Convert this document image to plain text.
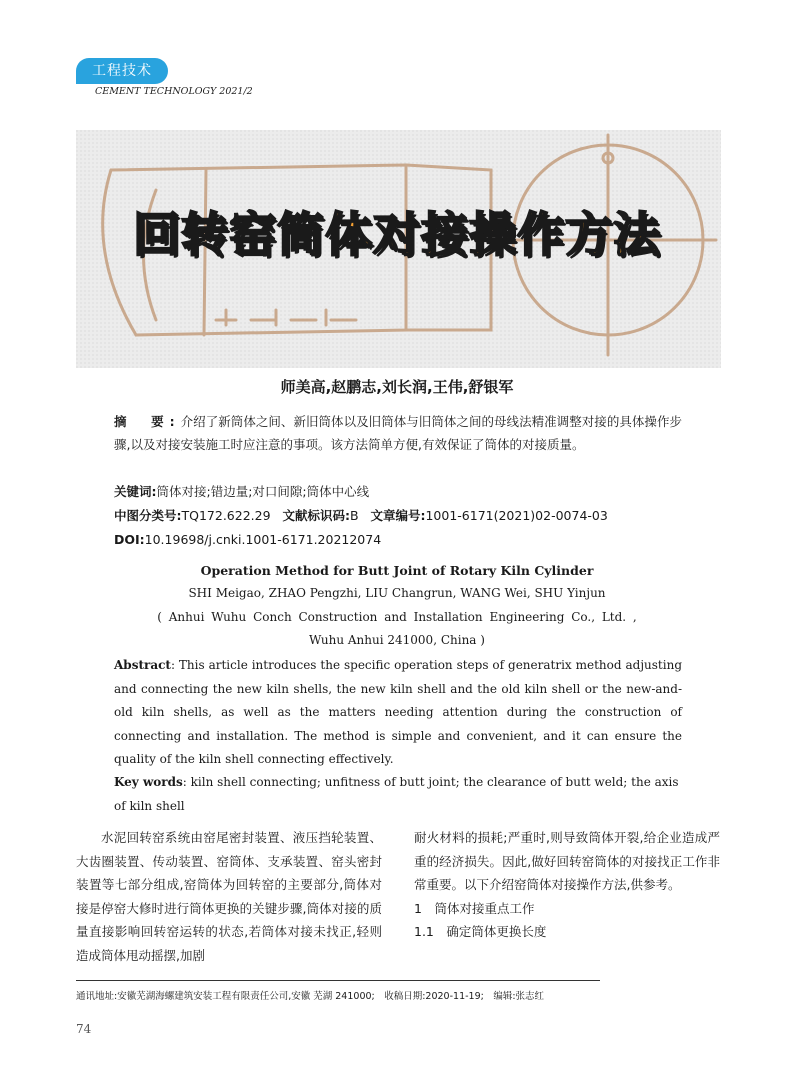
工程技术
CEMENT TECHNOLOGY 2021/2
回转窑筒体对接操作方法
师美高,赵鹏志,刘长润,王伟,舒银军
摘　要:介绍了新筒体之间、新旧筒体以及旧筒体与旧筒体之间的母线法精准调整对接的具体操作步骤,以及对接安装施工时应注意的事项。该方法简单方便,有效保证了筒体的对接质量。
关键词:筒体对接;错边量;对口间隙;筒体中心线
中图分类号:TQ172.622.29 文献标识码:B 文章编号:1001-6171(2021)02-0074-03
DOI:10.19698/j.cnki.1001-6171.20212074
Operation Method for Butt Joint of Rotary Kiln Cylinder
SHI Meigao, ZHAO Pengzhi, LIU Changrun, WANG Wei, SHU Yinjun
( Anhui Wuhu Conch Construction and Installation Engineering Co., Ltd. ,
Wuhu Anhui 241000, China )
Abstract: This article introduces the specific operation steps of generatrix method adjusting and connecting the new kiln shells, the new kiln shell and the old kiln shell or the new-and-old kiln shells, as well as the matters needing attention during the construction of connecting and installation. The method is simple and convenient, and it can ensure the quality of the kiln shell connecting effectively.
Key words: kiln shell connecting; unfitness of butt joint; the clearance of butt weld; the axis of kiln shell
水泥回转窑系统由窑尾密封装置、液压挡轮装置、大齿圈装置、传动装置、窑筒体、支承装置、窑头密封装置等七部分组成,窑筒体为回转窑的主要部分,筒体对接是停窑大修时进行筒体更换的关键步骤,筒体对接的质量直接影响回转窑运转的状态,若筒体对接未找正,轻则造成筒体甩动摇摆,加剧

耐火材料的损耗;严重时,则导致筒体开裂,给企业造成严重的经济损失。因此,做好回转窑筒体的对接找正工作非常重要。以下介绍窑筒体对接操作方法,供参考。

1　筒体对接重点工作

1.1　确定筒体更换长度

通讯地址:安徽芜湖海螺建筑安装工程有限责任公司,安徽 芜湖 241000;　收稿日期:2020-11-19;　编辑:张志红
74
